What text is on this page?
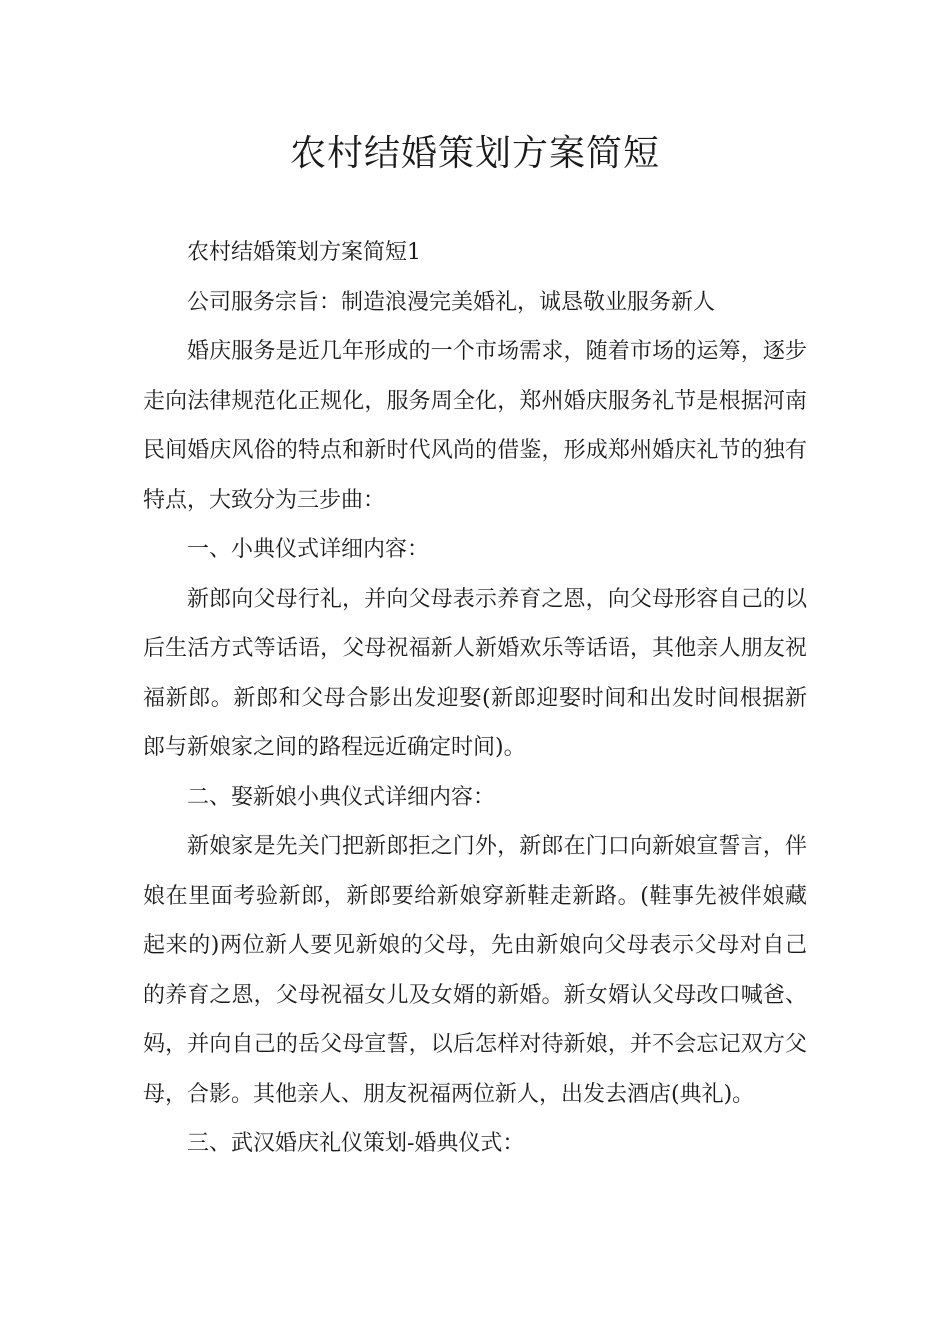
农村结婚策划方案简短

农村结婚策划方案简短1

公司服务宗旨：制造浪漫完美婚礼，诚恳敬业服务新人

婚庆服务是近几年形成的一个市场需求，随着市场的运筹，逐步走向法律规范化正规化，服务周全化，郑州婚庆服务礼节是根据河南民间婚庆风俗的特点和新时代风尚的借鉴，形成郑州婚庆礼节的独有特点，大致分为三步曲：

一、小典仪式详细内容：

新郎向父母行礼，并向父母表示养育之恩，向父母形容自己的以后生活方式等话语，父母祝福新人新婚欢乐等话语，其他亲人朋友祝福新郎。新郎和父母合影出发迎娶(新郎迎娶时间和出发时间根据新郎与新娘家之间的路程远近确定时间)。

二、娶新娘小典仪式详细内容：

新娘家是先关门把新郎拒之门外，新郎在门口向新娘宣誓言，伴娘在里面考验新郎，新郎要给新娘穿新鞋走新路。(鞋事先被伴娘藏起来的)两位新人要见新娘的父母，先由新娘向父母表示父母对自己的养育之恩，父母祝福女儿及女婿的新婚。新女婿认父母改口喊爸、妈，并向自己的岳父母宣誓，以后怎样对待新娘，并不会忘记双方父母，合影。其他亲人、朋友祝福两位新人，出发去酒店(典礼)。

三、武汉婚庆礼仪策划-婚典仪式：
